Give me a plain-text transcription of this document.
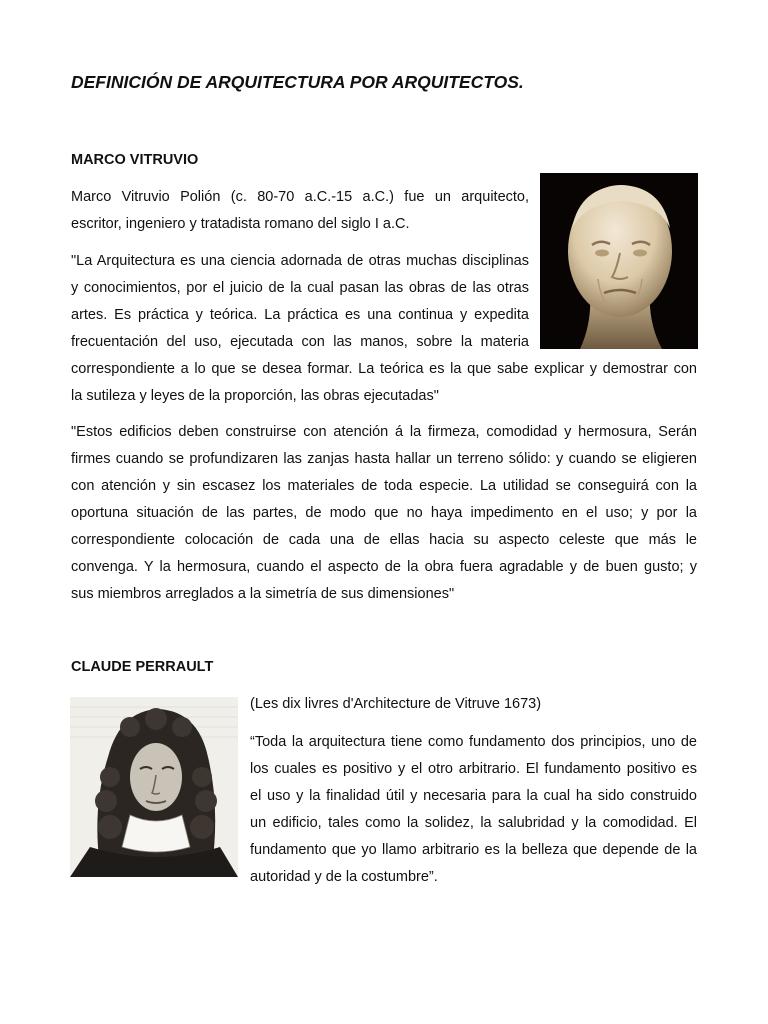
DEFINICIÓN DE ARQUITECTURA POR ARQUITECTOS.
MARCO VITRUVIO
Marco Vitruvio Polión (c. 80-70 a.C.-15 a.C.) fue un arquitecto,
escritor, ingeniero y tratadista romano del siglo I a.C.
"La Arquitectura es una ciencia adornada de otras muchas disciplinas
y conocimientos, por el juicio de la cual pasan las obras de las otras
artes. Es práctica y teórica. La práctica es una continua y expedita
frecuentación del uso, ejecutada con las manos, sobre la materia
correspondiente a lo que se desea formar. La teórica es la que sabe explicar y demostrar con
la sutileza y leyes de la proporción, las obras ejecutadas"
"Estos edificios deben construirse con atención á la firmeza, comodidad y hermosura, Serán
firmes cuando se profundizaren las zanjas hasta hallar un terreno sólido: y cuando se eligieren
con atención y sin escasez los materiales de toda especie. La utilidad se conseguirá con la
oportuna situación de las partes, de modo que no haya impedimento en el uso; y por la
correspondiente colocación de cada una de ellas hacia su aspecto celeste que más le
convenga. Y la hermosura, cuando el aspecto de la obra fuera agradable y de buen gusto; y
sus miembros arreglados a la simetría de sus dimensiones"
CLAUDE PERRAULT

(Les dix livres d'Architecture de Vitruve 1673)

“Toda la arquitectura tiene como fundamento dos principios, uno de
los cuales es positivo y el otro arbitrario. El fundamento positivo es
el uso y la finalidad útil y necesaria para la cual ha sido construido
un edificio, tales como la solidez, la salubridad y la comodidad. El
fundamento que yo llamo arbitrario es la belleza que depende de la
autoridad y de la costumbre”.
